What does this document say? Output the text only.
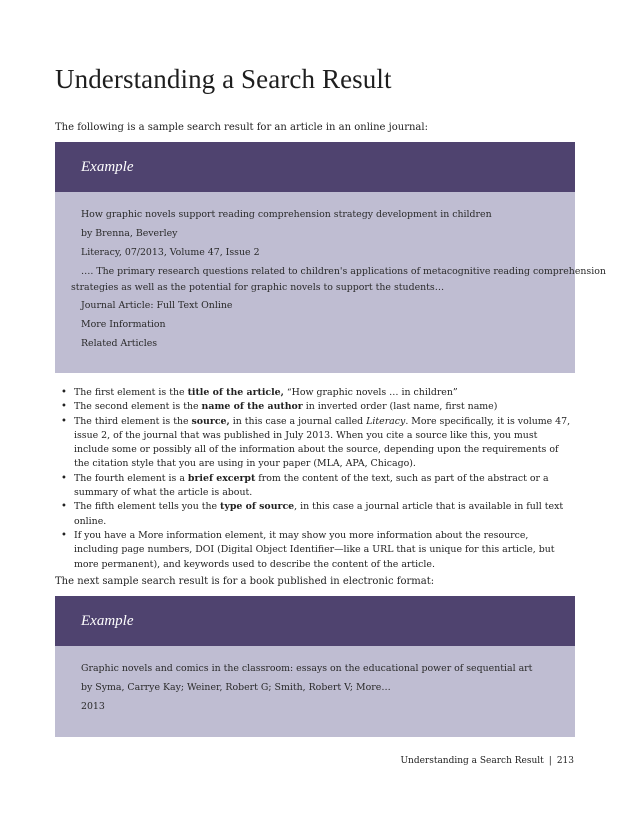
Understanding a Search Result

The following is a sample search result for an article in an online journal:

Example
How graphic novels support reading comprehension strategy development in children
by Brenna, Beverley
Literacy, 07/2013, Volume 47, Issue 2
…. The primary research questions related to children's applications of metacognitive reading comprehension
strategies as well as the potential for graphic novels to support the students…
Journal Article: Full Text Online
More Information
Related Articles
• The first element is the title of the article, “How graphic novels … in children”
• The second element is the name of the author in inverted order (last name, first name)
• The third element is the source, in this case a journal called Literacy. More specifically, it is volume 47, issue 2, of the journal that was published in July 2013. When you cite a source like this, you must include some or possibly all of the information about the source, depending upon the requirements of the citation style that you are using in your paper (MLA, APA, Chicago).
• The fourth element is a brief excerpt from the content of the text, such as part of the abstract or a summary of what the article is about.
• The fifth element tells you the type of source, in this case a journal article that is available in full text online.
• If you have a More information element, it may show you more information about the resource, including page numbers, DOI (Digital Object Identifier—like a URL that is unique for this article, but more permanent), and keywords used to describe the content of the article.

The next sample search result is for a book published in electronic format:

Example
Graphic novels and comics in the classroom: essays on the educational power of sequential art
by Syma, Carrye Kay; Weiner, Robert G; Smith, Robert V; More…
2013
Understanding a Search Result | 213
